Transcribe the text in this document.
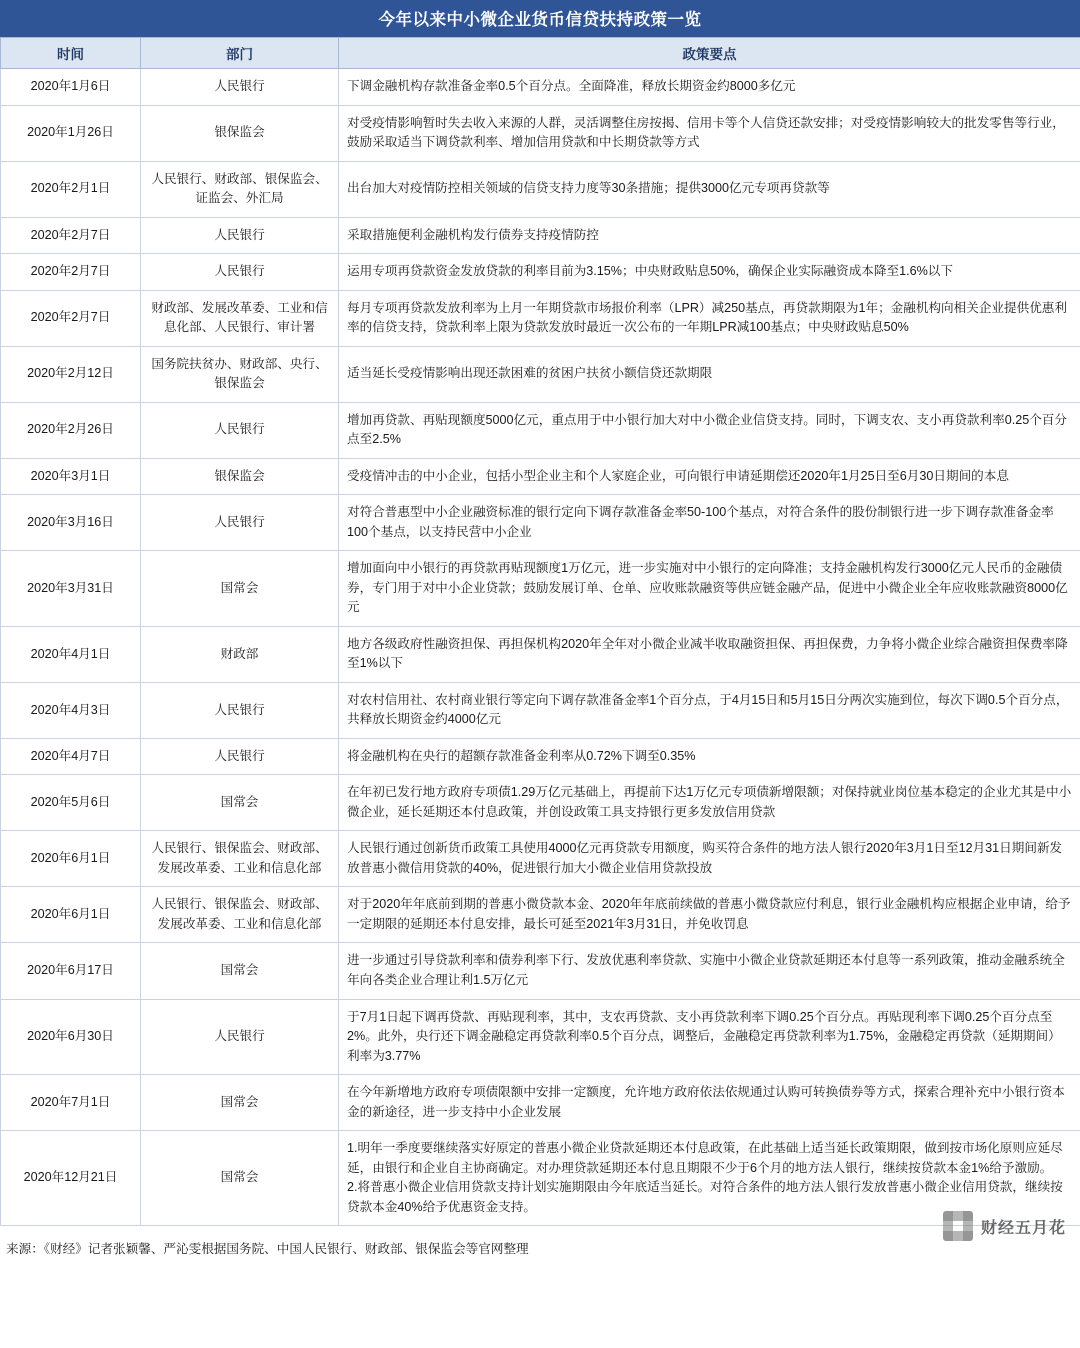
今年以来中小微企业货币信贷扶持政策一览
时间	部门	政策要点
2020年1月6日	人民银行	下调金融机构存款准备金率0.5个百分点。全面降准，释放长期资金约8000多亿元

2020年1月26日	银保监会	对受疫情影响暂时失去收入来源的人群，灵活调整住房按揭、信用卡等个人信贷还款安排；对受疫情影响较大的批发零售等行业，鼓励采取适当下调贷款利率、增加信用贷款和中长期贷款等方式

2020年2月1日	人民银行、财政部、银保监会、证监会、外汇局	出台加大对疫情防控相关领域的信贷支持力度等30条措施；提供3000亿元专项再贷款等

2020年2月7日	人民银行	采取措施便利金融机构发行债券支持疫情防控

2020年2月7日	人民银行	运用专项再贷款资金发放贷款的利率目前为3.15%；中央财政贴息50%，确保企业实际融资成本降至1.6%以下

2020年2月7日	财政部、发展改革委、工业和信息化部、人民银行、审计署	每月专项再贷款发放利率为上月一年期贷款市场报价利率（LPR）减250基点，再贷款期限为1年；金融机构向相关企业提供优惠利率的信贷支持，贷款利率上限为贷款发放时最近一次公布的一年期LPR减100基点；中央财政贴息50%

2020年2月12日	国务院扶贫办、财政部、央行、银保监会	适当延长受疫情影响出现还款困难的贫困户扶贫小额信贷还款期限

2020年2月26日	人民银行	增加再贷款、再贴现额度5000亿元，重点用于中小银行加大对中小微企业信贷支持。同时，下调支农、支小再贷款利率0.25个百分点至2.5%

2020年3月1日	银保监会	受疫情冲击的中小企业，包括小型企业主和个人家庭企业，可向银行申请延期偿还2020年1月25日至6月30日期间的本息

2020年3月16日	人民银行	对符合普惠型中小企业融资标准的银行定向下调存款准备金率50-100个基点，对符合条件的股份制银行进一步下调存款准备金率100个基点，以支持民营中小企业

2020年3月31日	国常会	增加面向中小银行的再贷款再贴现额度1万亿元，进一步实施对中小银行的定向降准；支持金融机构发行3000亿元人民币的金融债券，专门用于对中小企业贷款；鼓励发展订单、仓单、应收账款融资等供应链金融产品，促进中小微企业全年应收账款融资8000亿元

2020年4月1日	财政部	地方各级政府性融资担保、再担保机构2020年全年对小微企业减半收取融资担保、再担保费，力争将小微企业综合融资担保费率降至1%以下

2020年4月3日	人民银行	对农村信用社、农村商业银行等定向下调存款准备金率1个百分点，于4月15日和5月15日分两次实施到位，每次下调0.5个百分点，共释放长期资金约4000亿元

2020年4月7日	人民银行	将金融机构在央行的超额存款准备金利率从0.72%下调至0.35%

2020年5月6日	国常会	在年初已发行地方政府专项债1.29万亿元基础上，再提前下达1万亿元专项债新增限额；对保持就业岗位基本稳定的企业尤其是中小微企业，延长延期还本付息政策，并创设政策工具支持银行更多发放信用贷款

2020年6月1日	人民银行、银保监会、财政部、发展改革委、工业和信息化部	人民银行通过创新货币政策工具使用4000亿元再贷款专用额度，购买符合条件的地方法人银行2020年3月1日至12月31日期间新发放普惠小微信用贷款的40%，促进银行加大小微企业信用贷款投放

2020年6月1日	人民银行、银保监会、财政部、发展改革委、工业和信息化部	对于2020年年底前到期的普惠小微贷款本金、2020年年底前续做的普惠小微贷款应付利息，银行业金融机构应根据企业申请，给予一定期限的延期还本付息安排，最长可延至2021年3月31日，并免收罚息

2020年6月17日	国常会	进一步通过引导贷款利率和债券利率下行、发放优惠利率贷款、实施中小微企业贷款延期还本付息等一系列政策，推动金融系统全年向各类企业合理让利1.5万亿元

2020年6月30日	人民银行	于7月1日起下调再贷款、再贴现利率，其中，支农再贷款、支小再贷款利率下调0.25个百分点。再贴现利率下调0.25个百分点至2%。此外，央行还下调金融稳定再贷款利率0.5个百分点，调整后，金融稳定再贷款利率为1.75%，金融稳定再贷款（延期期间）利率为3.77%

2020年7月1日	国常会	在今年新增地方政府专项债限额中安排一定额度，允许地方政府依法依规通过认购可转换债券等方式，探索合理补充中小银行资本金的新途径，进一步支持中小企业发展

2020年12月21日	国常会	1.明年一季度要继续落实好原定的普惠小微企业贷款延期还本付息政策，在此基础上适当延长政策期限，做到按市场化原则应延尽延，由银行和企业自主协商确定。对办理贷款延期还本付息且期限不少于6个月的地方法人银行，继续按贷款本金1%给予激励。
2.将普惠小微企业信用贷款支持计划实施期限由今年底适当延长。对符合条件的地方法人银行发放普惠小微企业信用贷款，继续按贷款本金40%给予优惠资金支持。
来源：《财经》记者张颖馨、严沁雯根据国务院、中国人民银行、财政部、银保监会等官网整理
财经五月花
